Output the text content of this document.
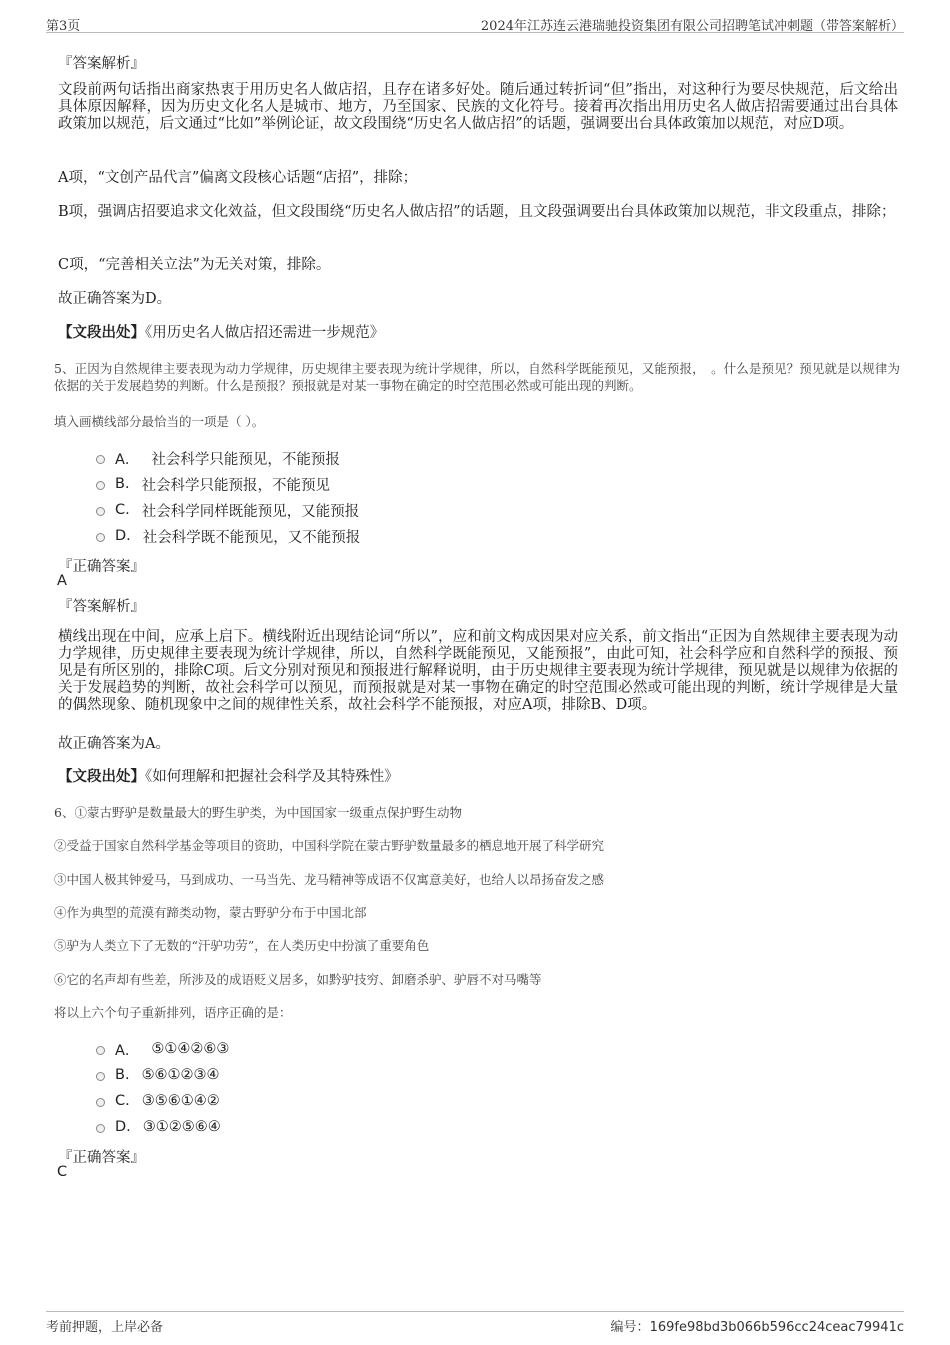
第3页	2024年江苏连云港瑞驰投资集团有限公司招聘笔试冲刺题（带答案解析）
『答案解析』
文段前两句话指出商家热衷于用历史名人做店招，且存在诸多好处。随后通过转折词“但”指出，对这种行为要尽快规范，后文给出具体原因解释，因为历史文化名人是城市、地方，乃至国家、民族的文化符号。接着再次指出用历史名人做店招需要通过出台具体政策加以规范，后文通过“比如”举例论证，故文段围绕“历史名人做店招”的话题，强调要出台具体政策加以规范，对应D项。
A项，“文创产品代言”偏离文段核心话题“店招”，排除；
B项，强调店招要追求文化效益，但文段围绕“历史名人做店招”的话题，且文段强调要出台具体政策加以规范，非文段重点，排除；
C项，“完善相关立法”为无关对策，排除。
故正确答案为D。
【文段出处】《用历史名人做店招还需进一步规范》
5、正因为自然规律主要表现为动力学规律，历史规律主要表现为统计学规律，所以，自然科学既能预见，又能预报，　。什么是预见？预见就是以规律为依据的关于发展趋势的判断。什么是预报？预报就是对某一事物在确定的时空范围必然或可能出现的判断。
填入画横线部分最恰当的一项是（ ）。
A． 社会科学只能预见，不能预报
B. 社会科学只能预报，不能预见
C. 社会科学同样既能预见，又能预报
D. 社会科学既不能预见，又不能预报
『正确答案』
A
『答案解析』
横线出现在中间，应承上启下。横线附近出现结论词“所以”，应和前文构成因果对应关系，前文指出“正因为自然规律主要表现为动力学规律，历史规律主要表现为统计学规律，所以，自然科学既能预见，又能预报”，由此可知，社会科学应和自然科学的预报、预见是有所区别的，排除C项。后文分别对预见和预报进行解释说明，由于历史规律主要表现为统计学规律，预见就是以规律为依据的关于发展趋势的判断，故社会科学可以预见，而预报就是对某一事物在确定的时空范围必然或可能出现的判断，统计学规律是大量的偶然现象、随机现象中之间的规律性关系，故社会科学不能预报，对应A项，排除B、D项。
故正确答案为A。
【文段出处】《如何理解和把握社会科学及其特殊性》
6、①蒙古野驴是数量最大的野生驴类，为中国国家一级重点保护野生动物
②受益于国家自然科学基金等项目的资助，中国科学院在蒙古野驴数量最多的栖息地开展了科学研究
③中国人极其钟爱马，马到成功、一马当先、龙马精神等成语不仅寓意美好，也给人以昂扬奋发之感
④作为典型的荒漠有蹄类动物，蒙古野驴分布于中国北部
⑤驴为人类立下了无数的“汗驴功劳”，在人类历史中扮演了重要角色
⑥它的名声却有些差，所涉及的成语贬义居多，如黔驴技穷、卸磨杀驴、驴唇不对马嘴等
将以上六个句子重新排列，语序正确的是：
A． ⑤①④②⑥③
B. ⑤⑥①②③④
C. ③⑤⑥①④②
D. ③①②⑤⑥④
『正确答案』
C
考前押题，上岸必备	编号：169fe98bd3b066b596cc24ceac79941c
